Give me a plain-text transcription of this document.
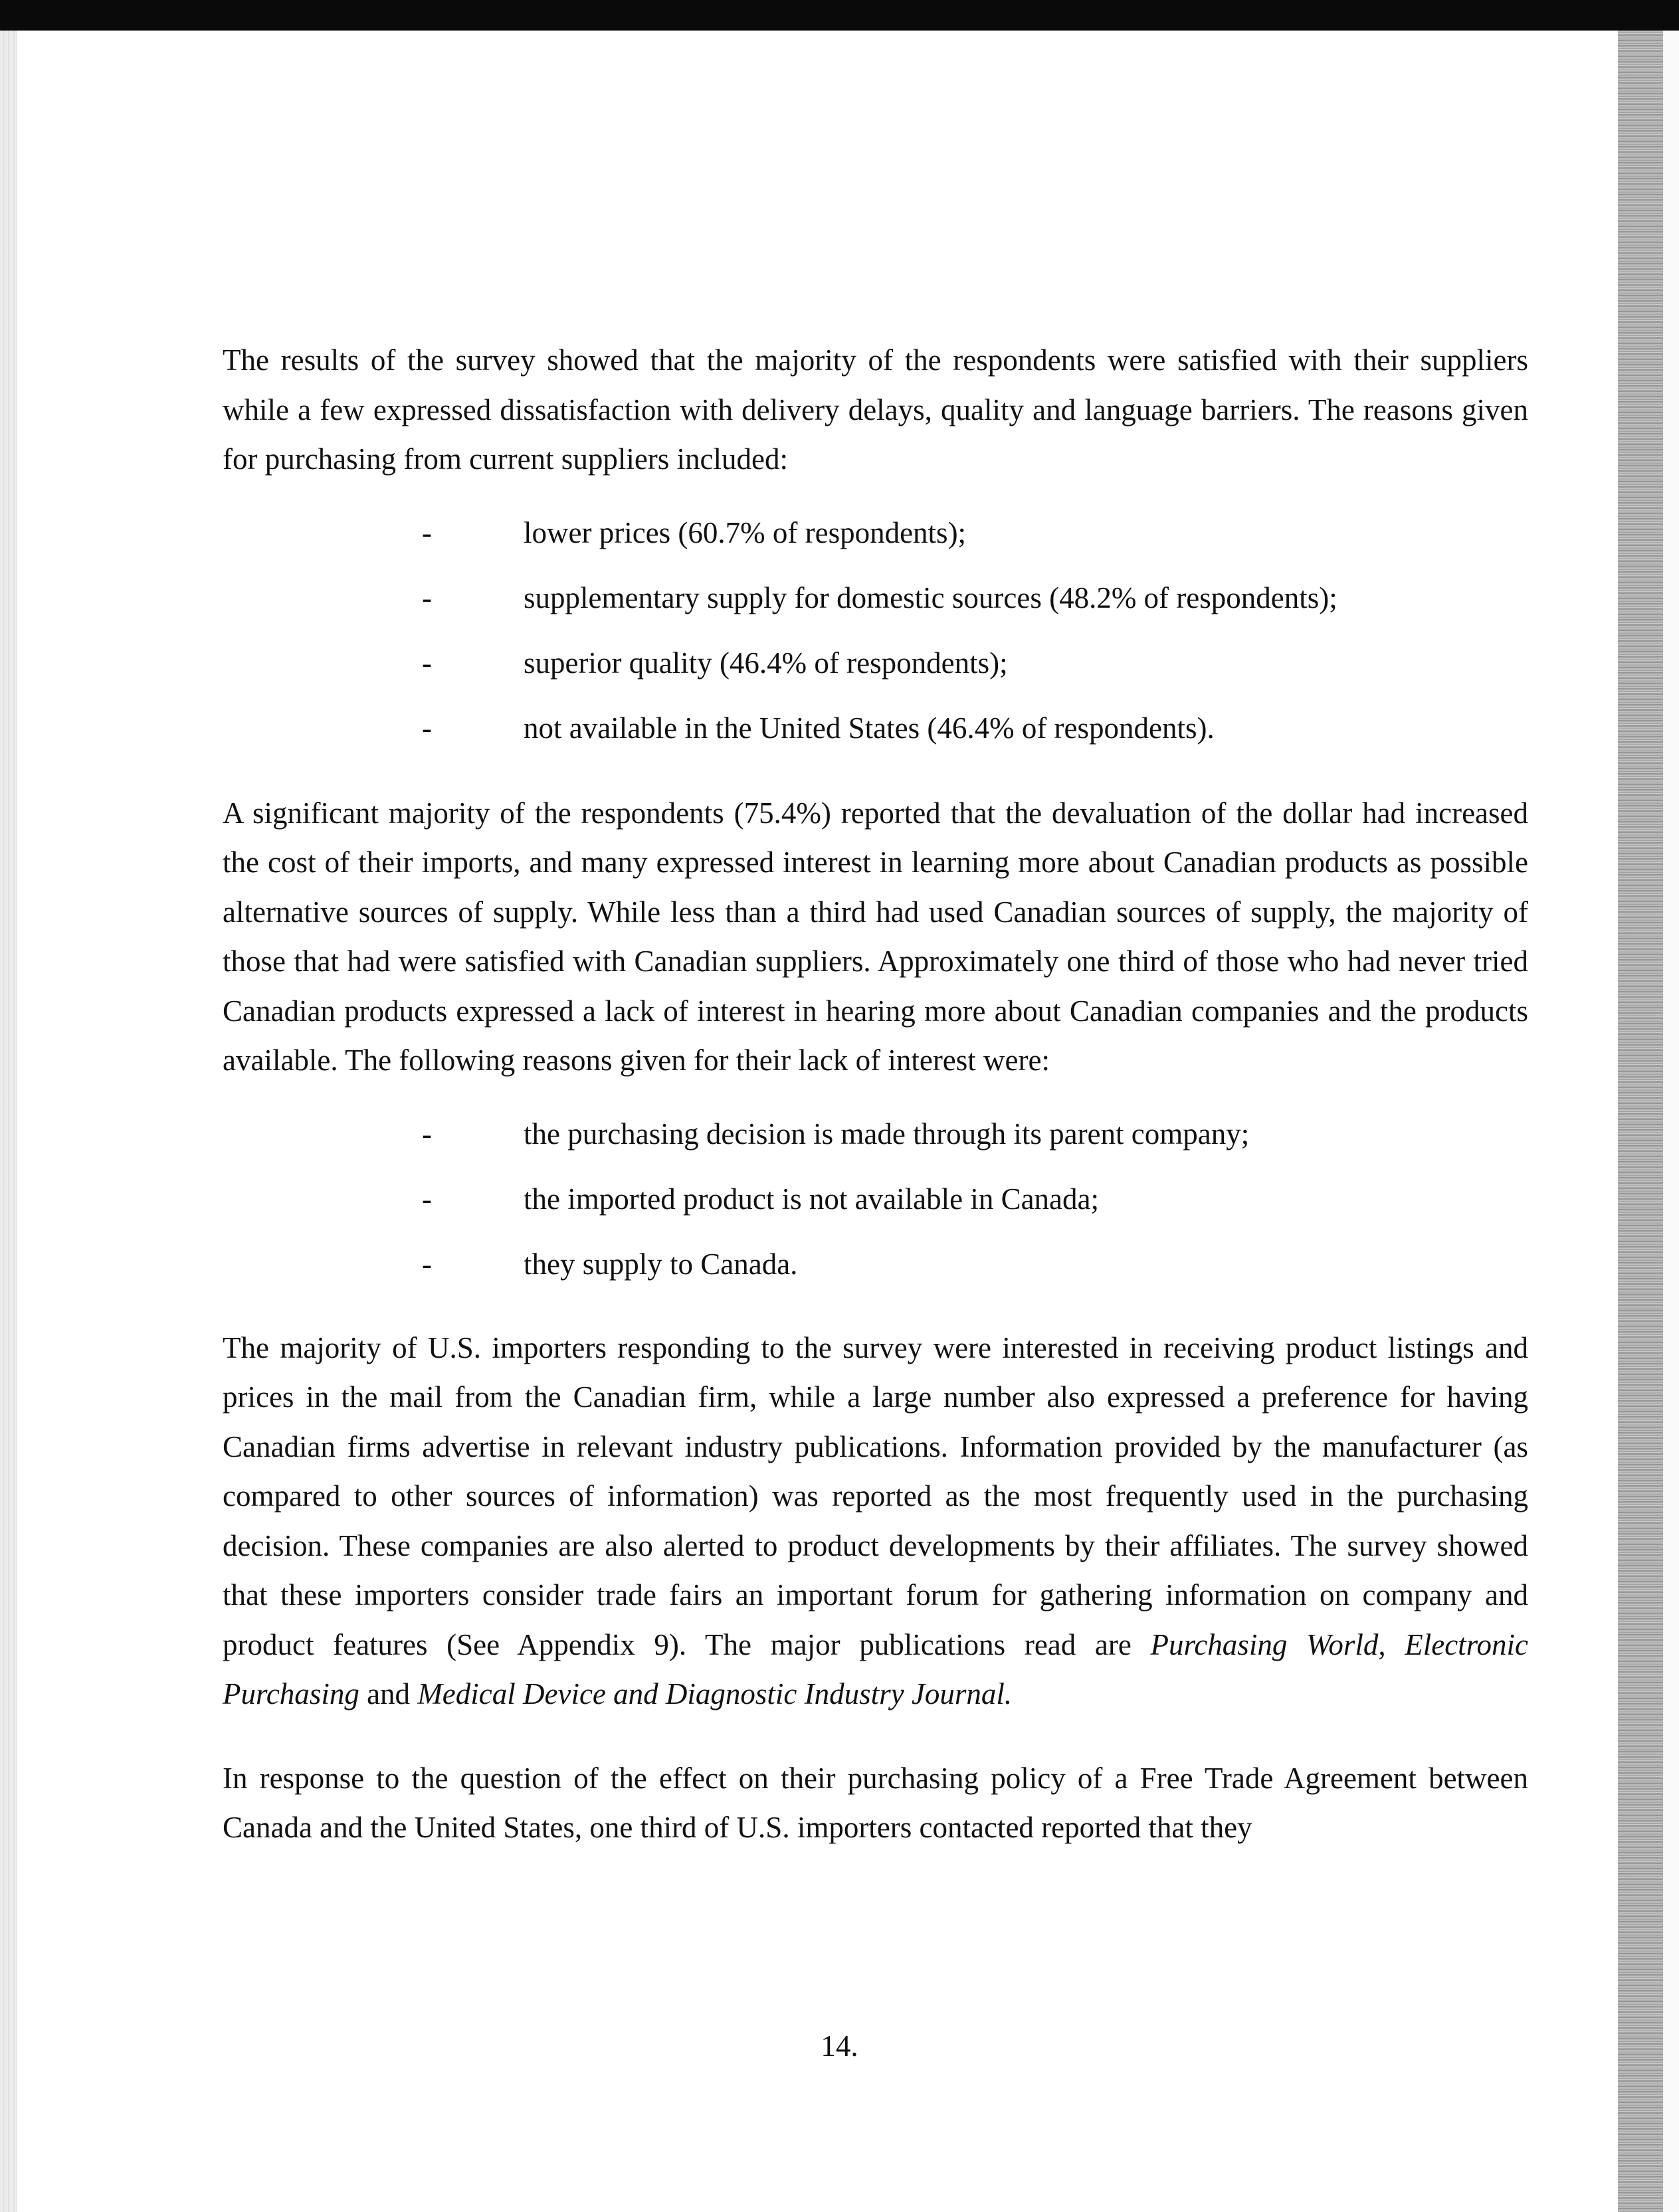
The results of the survey showed that the majority of the respondents were satisfied with their suppliers while a few expressed dissatisfaction with delivery delays, quality and language barriers. The reasons given for purchasing from current suppliers included:

-	lower prices (60.7% of respondents);
-	supplementary supply for domestic sources (48.2% of respondents);
-	superior quality (46.4% of respondents);
-	not available in the United States (46.4% of respondents).

A significant majority of the respondents (75.4%) reported that the devaluation of the dollar had increased the cost of their imports, and many expressed interest in learning more about Canadian products as possible alternative sources of supply. While less than a third had used Canadian sources of supply, the majority of those that had were satisfied with Canadian suppliers. Approximately one third of those who had never tried Canadian products expressed a lack of interest in hearing more about Canadian companies and the products available. The following reasons given for their lack of interest were:

-	the purchasing decision is made through its parent company;
-	the imported product is not available in Canada;
-	they supply to Canada.

The majority of U.S. importers responding to the survey were interested in receiving product listings and prices in the mail from the Canadian firm, while a large number also expressed a preference for having Canadian firms advertise in relevant industry publications. Information provided by the manufacturer (as compared to other sources of information) was reported as the most frequently used in the purchasing decision. These companies are also alerted to product developments by their affiliates. The survey showed that these importers consider trade fairs an important forum for gathering information on company and product features (See Appendix 9). The major publications read are Purchasing World, Electronic Purchasing and Medical Device and Diagnostic Industry Journal.

In response to the question of the effect on their purchasing policy of a Free Trade Agreement between Canada and the United States, one third of U.S. importers contacted reported that they

14.
